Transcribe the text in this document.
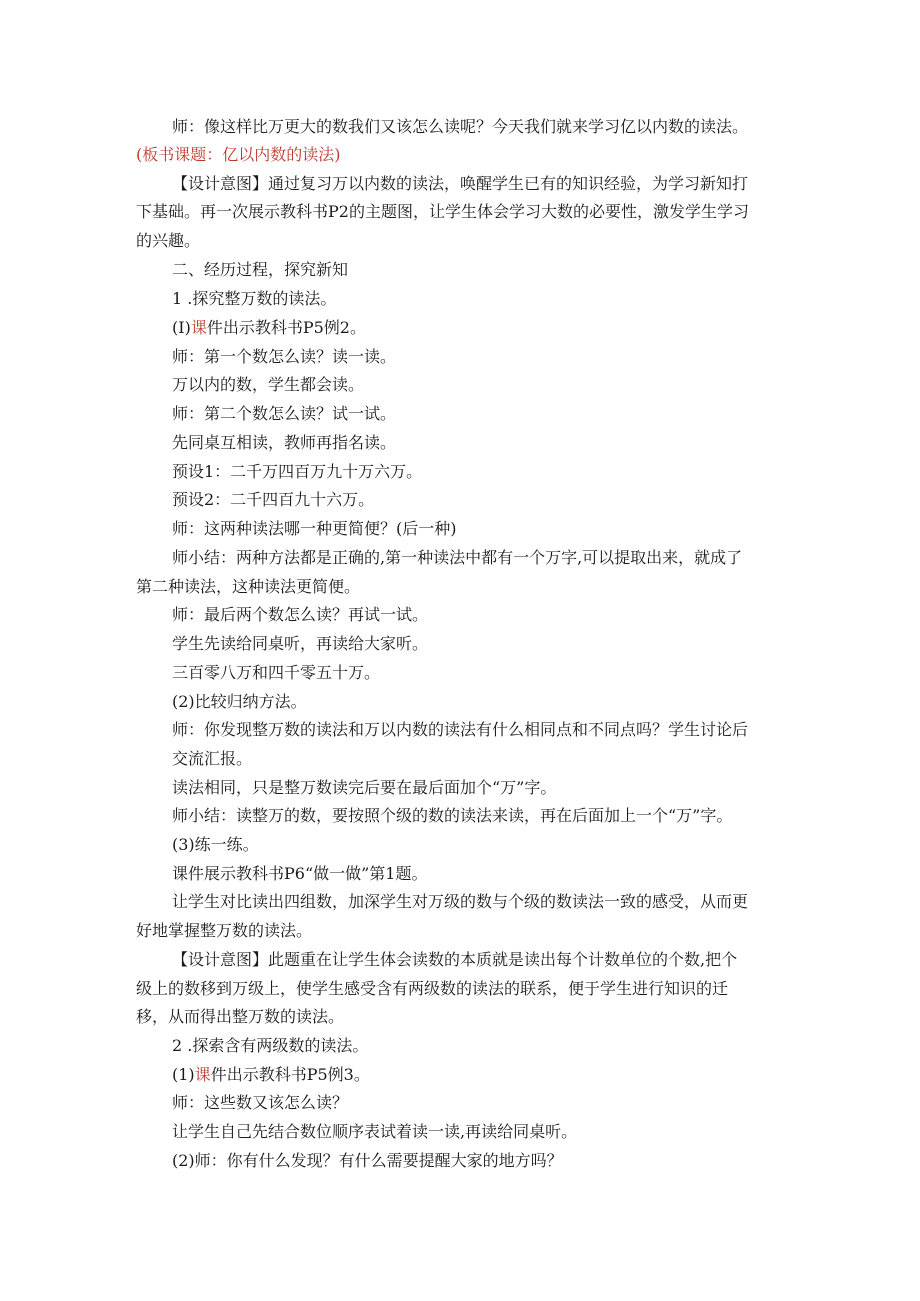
师：像这样比万更大的数我们又该怎么读呢？今天我们就来学习亿以内数的读法。
(板书课题：亿以内数的读法)
【设计意图】通过复习万以内数的读法，唤醒学生已有的知识经验，为学习新知打
下基础。再一次展示教科书P2的主题图，让学生体会学习大数的必要性，激发学生学习
的兴趣。
二、经历过程，探究新知
1 .探究整万数的读法。
(I)课件出示教科书P5例2。
师：第一个数怎么读？读一读。
万以内的数，学生都会读。
师：第二个数怎么读？试一试。
先同桌互相读，教师再指名读。
预设1：二千万四百万九十万六万。
预设2：二千四百九十六万。
师：这两种读法哪一种更简便？(后一种)
师小结：两种方法都是正确的,第一种读法中都有一个万字,可以提取出来，就成了
第二种读法，这种读法更简便。
师：最后两个数怎么读？再试一试。
学生先读给同桌听，再读给大家听。
三百零八万和四千零五十万。
(2)比较归纳方法。
师：你发现整万数的读法和万以内数的读法有什么相同点和不同点吗？学生讨论后
交流汇报。
读法相同，只是整万数读完后要在最后面加个“万”字。
师小结：读整万的数，要按照个级的数的读法来读，再在后面加上一个“万”字。
(3)练一练。
课件展示教科书P6“做一做”第1题。
让学生对比读出四组数，加深学生对万级的数与个级的数读法一致的感受，从而更
好地掌握整万数的读法。
【设计意图】此题重在让学生体会读数的本质就是读出每个计数单位的个数,把个
级上的数移到万级上，使学生感受含有两级数的读法的联系，便于学生进行知识的迁
移，从而得出整万数的读法。
2 .探索含有两级数的读法。
(1)课件出示教科书P5例3。
师：这些数又该怎么读？
让学生自己先结合数位顺序表试着读一读,再读给同桌听。
(2)师：你有什么发现？有什么需要提醒大家的地方吗？
